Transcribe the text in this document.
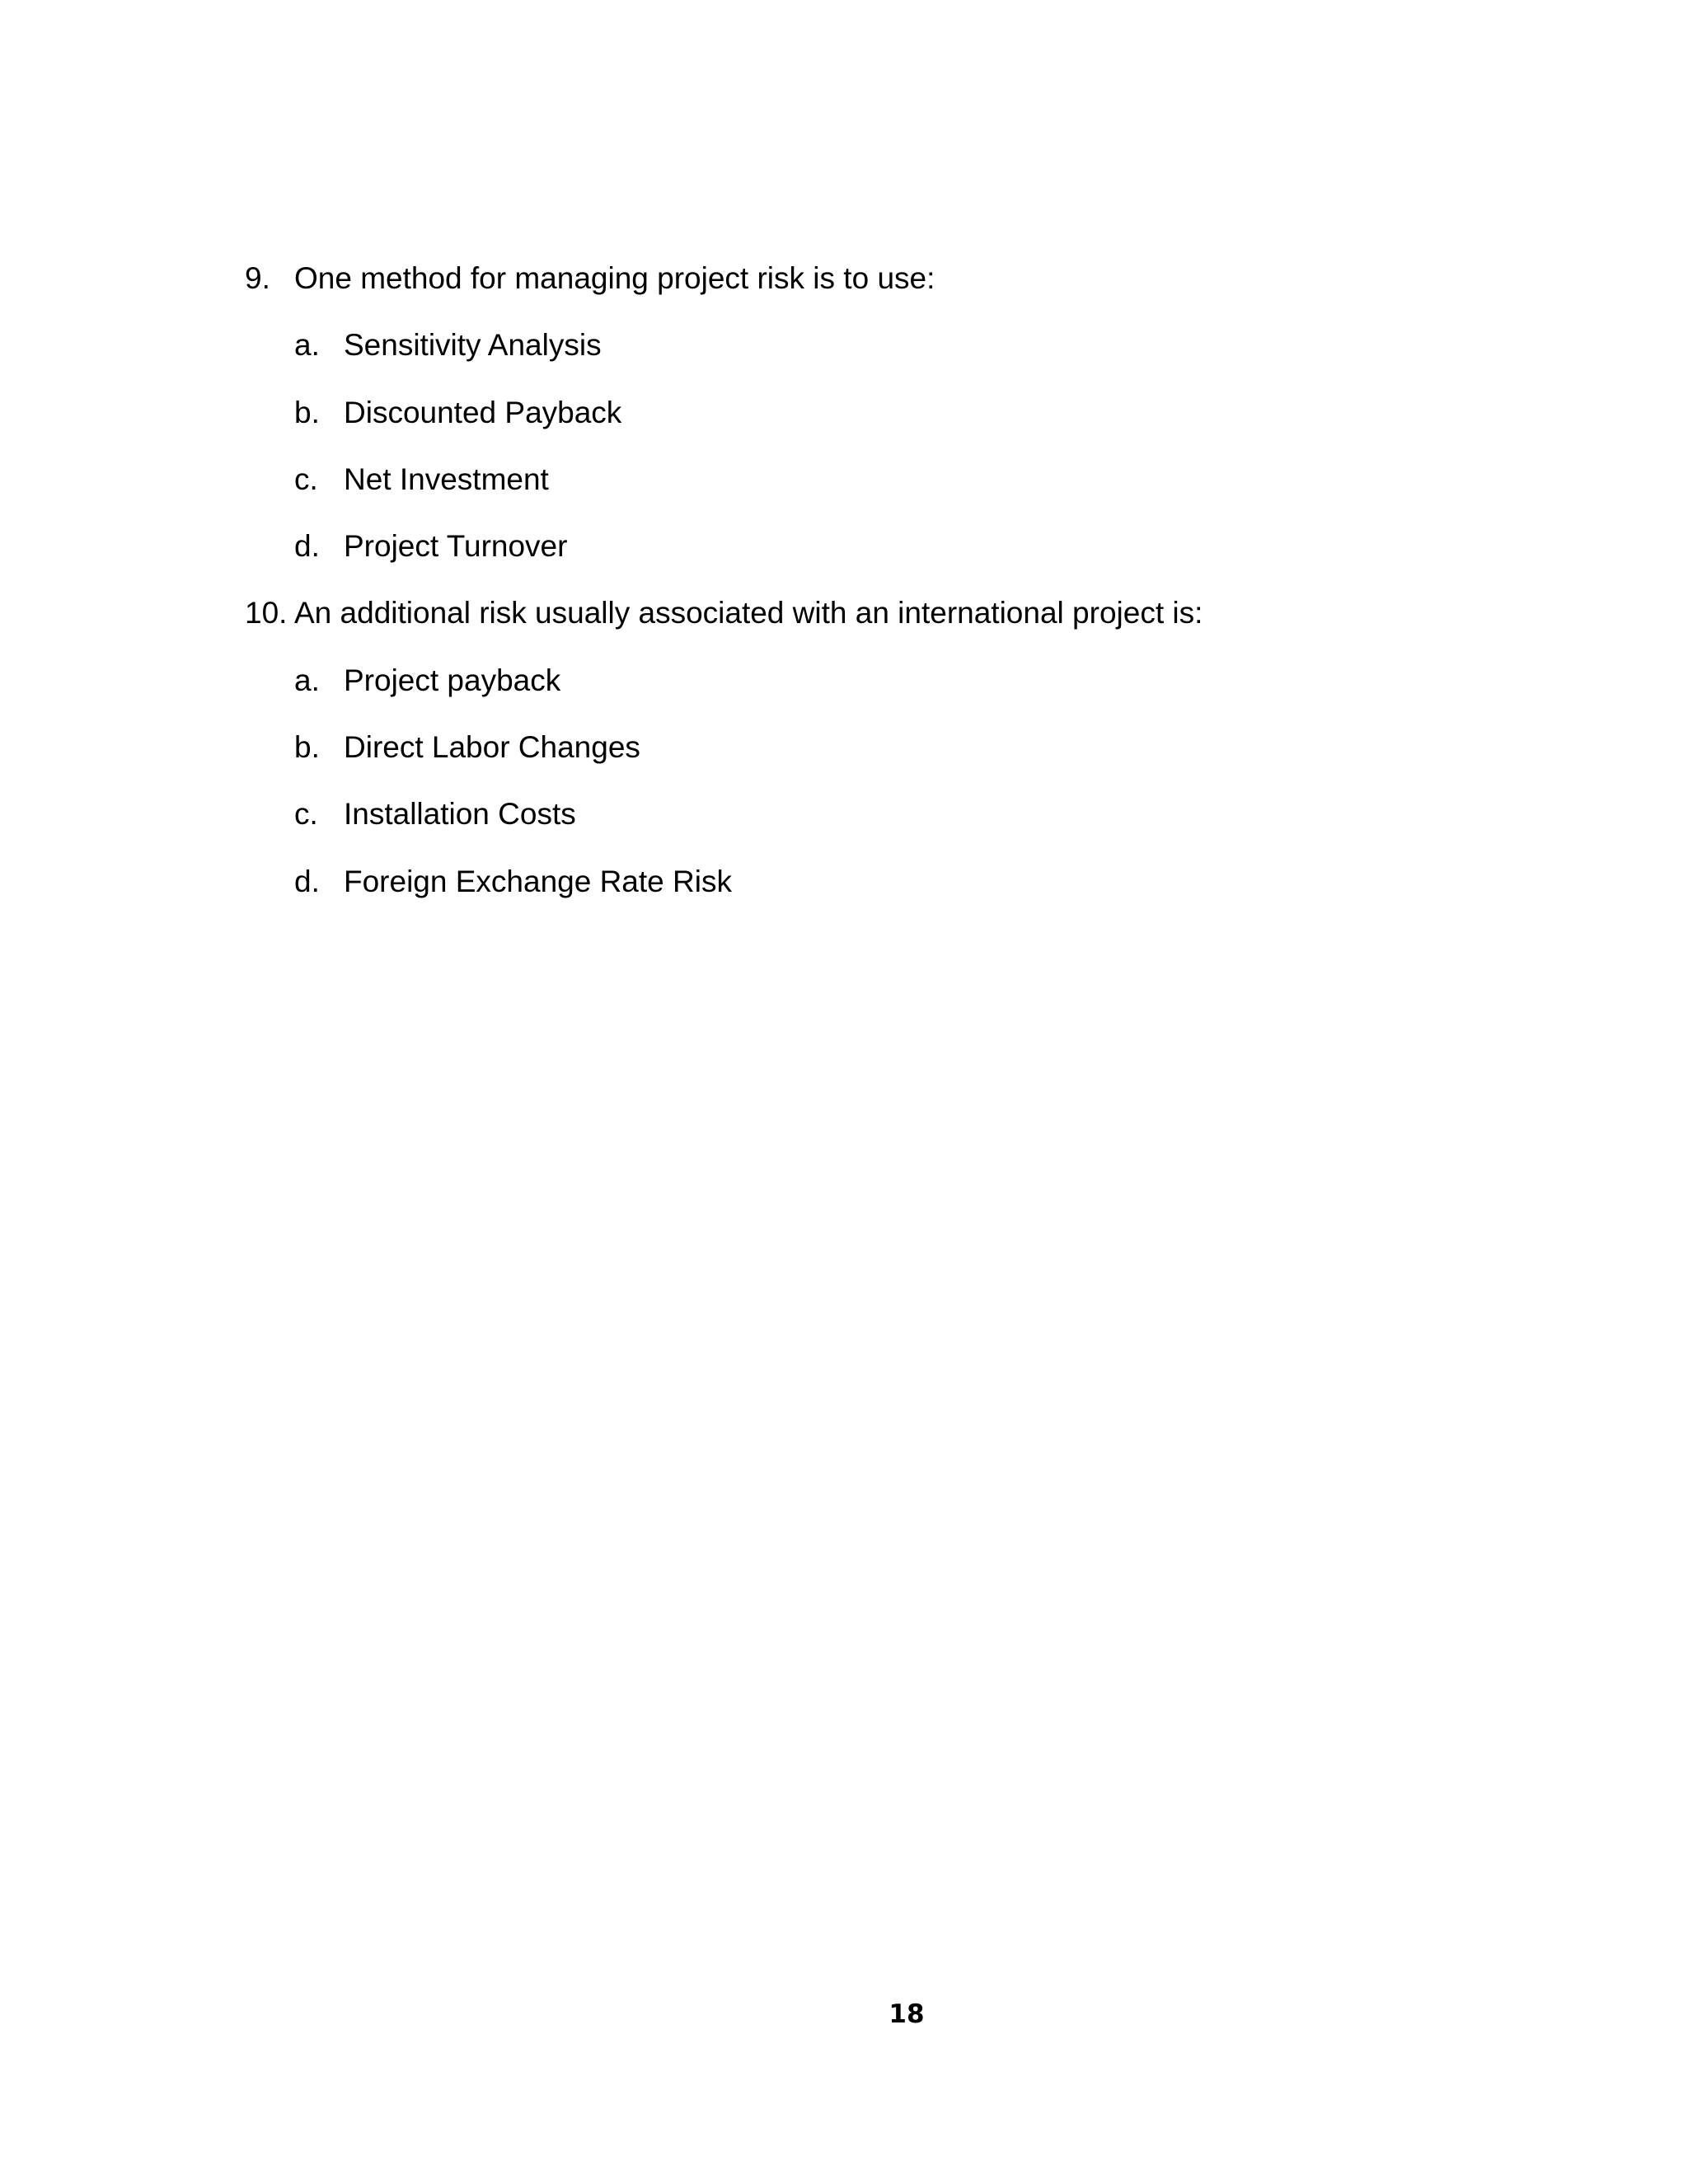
9. One method for managing project risk is to use:
a. Sensitivity Analysis
b. Discounted Payback
c. Net Investment
d. Project Turnover
10. An additional risk usually associated with an international project is:
a. Project payback
b. Direct Labor Changes
c. Installation Costs
d. Foreign Exchange Rate Risk
18
